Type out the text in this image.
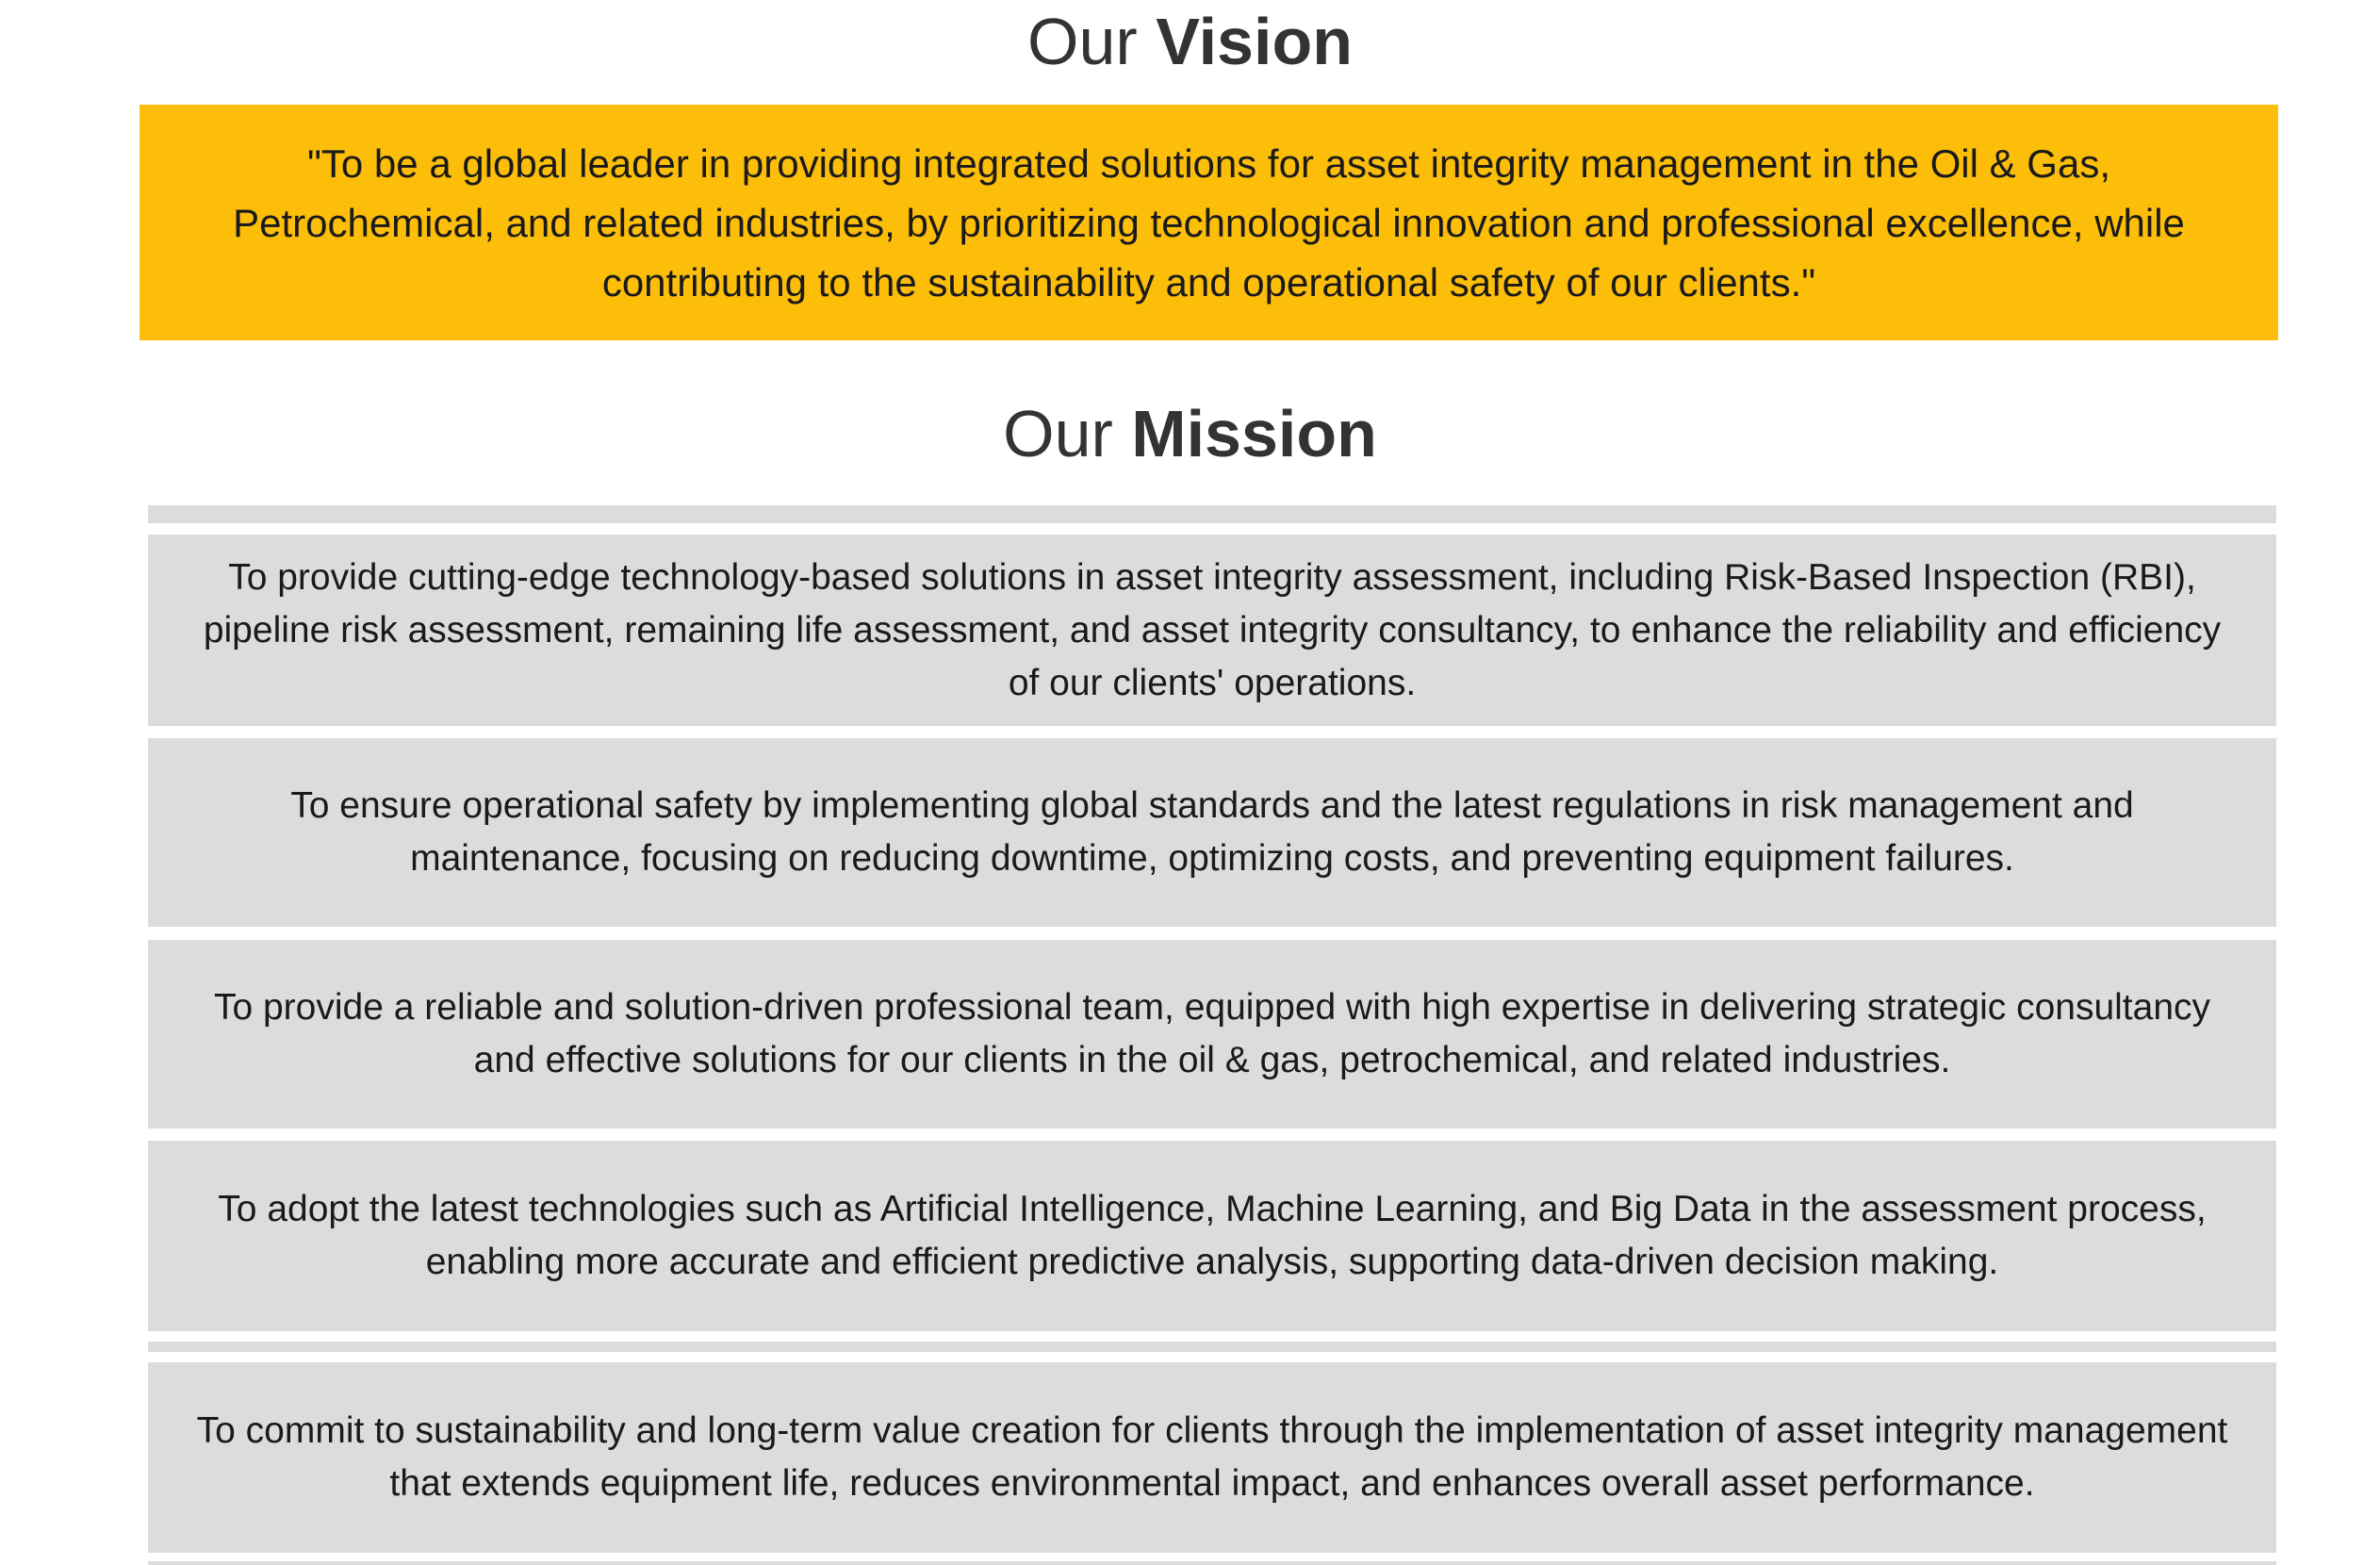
Our Vision
"To be a global leader in providing integrated solutions for asset integrity management in the Oil & Gas, Petrochemical, and related industries, by prioritizing technological innovation and professional excellence, while contributing to the sustainability and operational safety of our clients."
Our Mission
To provide cutting-edge technology-based solutions in asset integrity assessment, including Risk-Based Inspection (RBI), pipeline risk assessment, remaining life assessment, and asset integrity consultancy, to enhance the reliability and efficiency of our clients' operations.
To ensure operational safety by implementing global standards and the latest regulations in risk management and maintenance, focusing on reducing downtime, optimizing costs, and preventing equipment failures.
To provide a reliable and solution-driven professional team, equipped with high expertise in delivering strategic consultancy and effective solutions for our clients in the oil & gas, petrochemical, and related industries.
To adopt the latest technologies such as Artificial Intelligence, Machine Learning, and Big Data in the assessment process, enabling more accurate and efficient predictive analysis, supporting data-driven decision making.
To commit to sustainability and long-term value creation for clients through the implementation of asset integrity management that extends equipment life, reduces environmental impact, and enhances overall asset performance.
